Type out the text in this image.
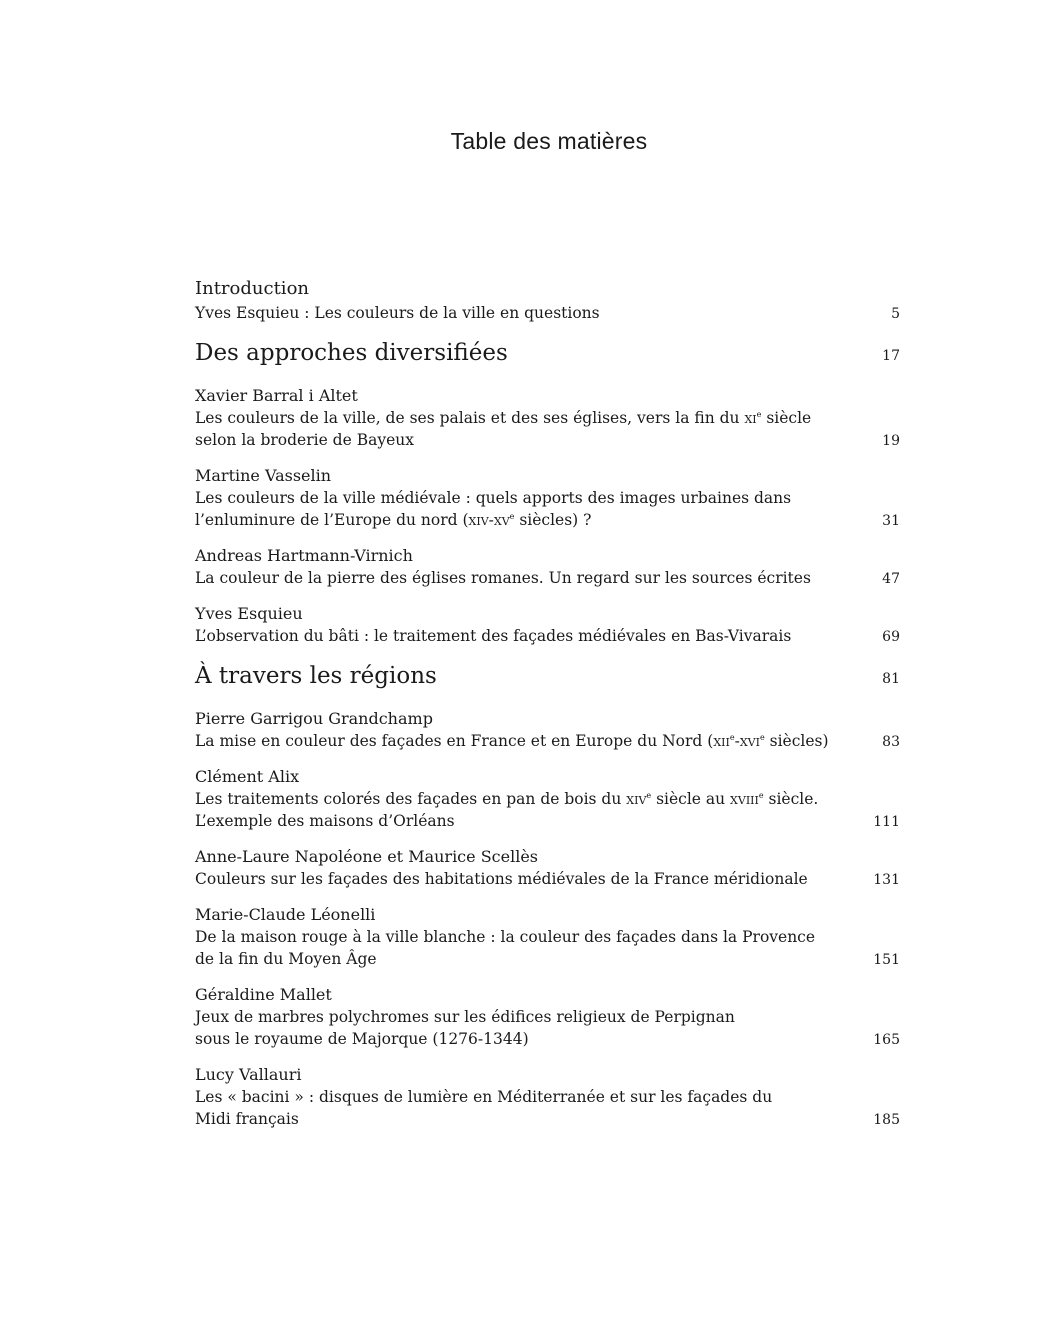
Table des matières
Introduction
Yves Esquieu : Les couleurs de la ville en questions	5
Des approches diversifiées	17
Xavier Barral i Altet
Les couleurs de la ville, de ses palais et des ses églises, vers la fin du $xi^e$ siècle
selon la broderie de Bayeux	19
Martine Vasselin
Les couleurs de la ville médiévale : quels apports des images urbaines dans
l’enluminure de l’Europe du nord ($xiv-xv^e$ siècles) ?	31
Andreas Hartmann-Virnich
La couleur de la pierre des églises romanes. Un regard sur les sources écrites	47
Yves Esquieu
L’observation du bâti : le traitement des façades médiévales en Bas-Vivarais	69
À travers les régions	81
Pierre Garrigou Grandchamp
La mise en couleur des façades en France et en Europe du Nord (xii$^e$-xvi$^e$ siècles)	83
Clément Alix
Les traitements colorés des façades en pan de bois du xiv$^e$ siècle au xviii$^e$ siècle.
L’exemple des maisons d’Orléans	111
Anne-Laure Napoléone et Maurice Scellès
Couleurs sur les façades des habitations médiévales de la France méridionale	131
Marie-Claude Léonelli
De la maison rouge à la ville blanche : la couleur des façades dans la Provence
de la fin du Moyen Âge	151
Géraldine Mallet
Jeux de marbres polychromes sur les édifices religieux de Perpignan
sous le royaume de Majorque (1276-1344)	165
Lucy Vallauri
Les « bacini » : disques de lumière en Méditerranée et sur les façades du
Midi français	185
